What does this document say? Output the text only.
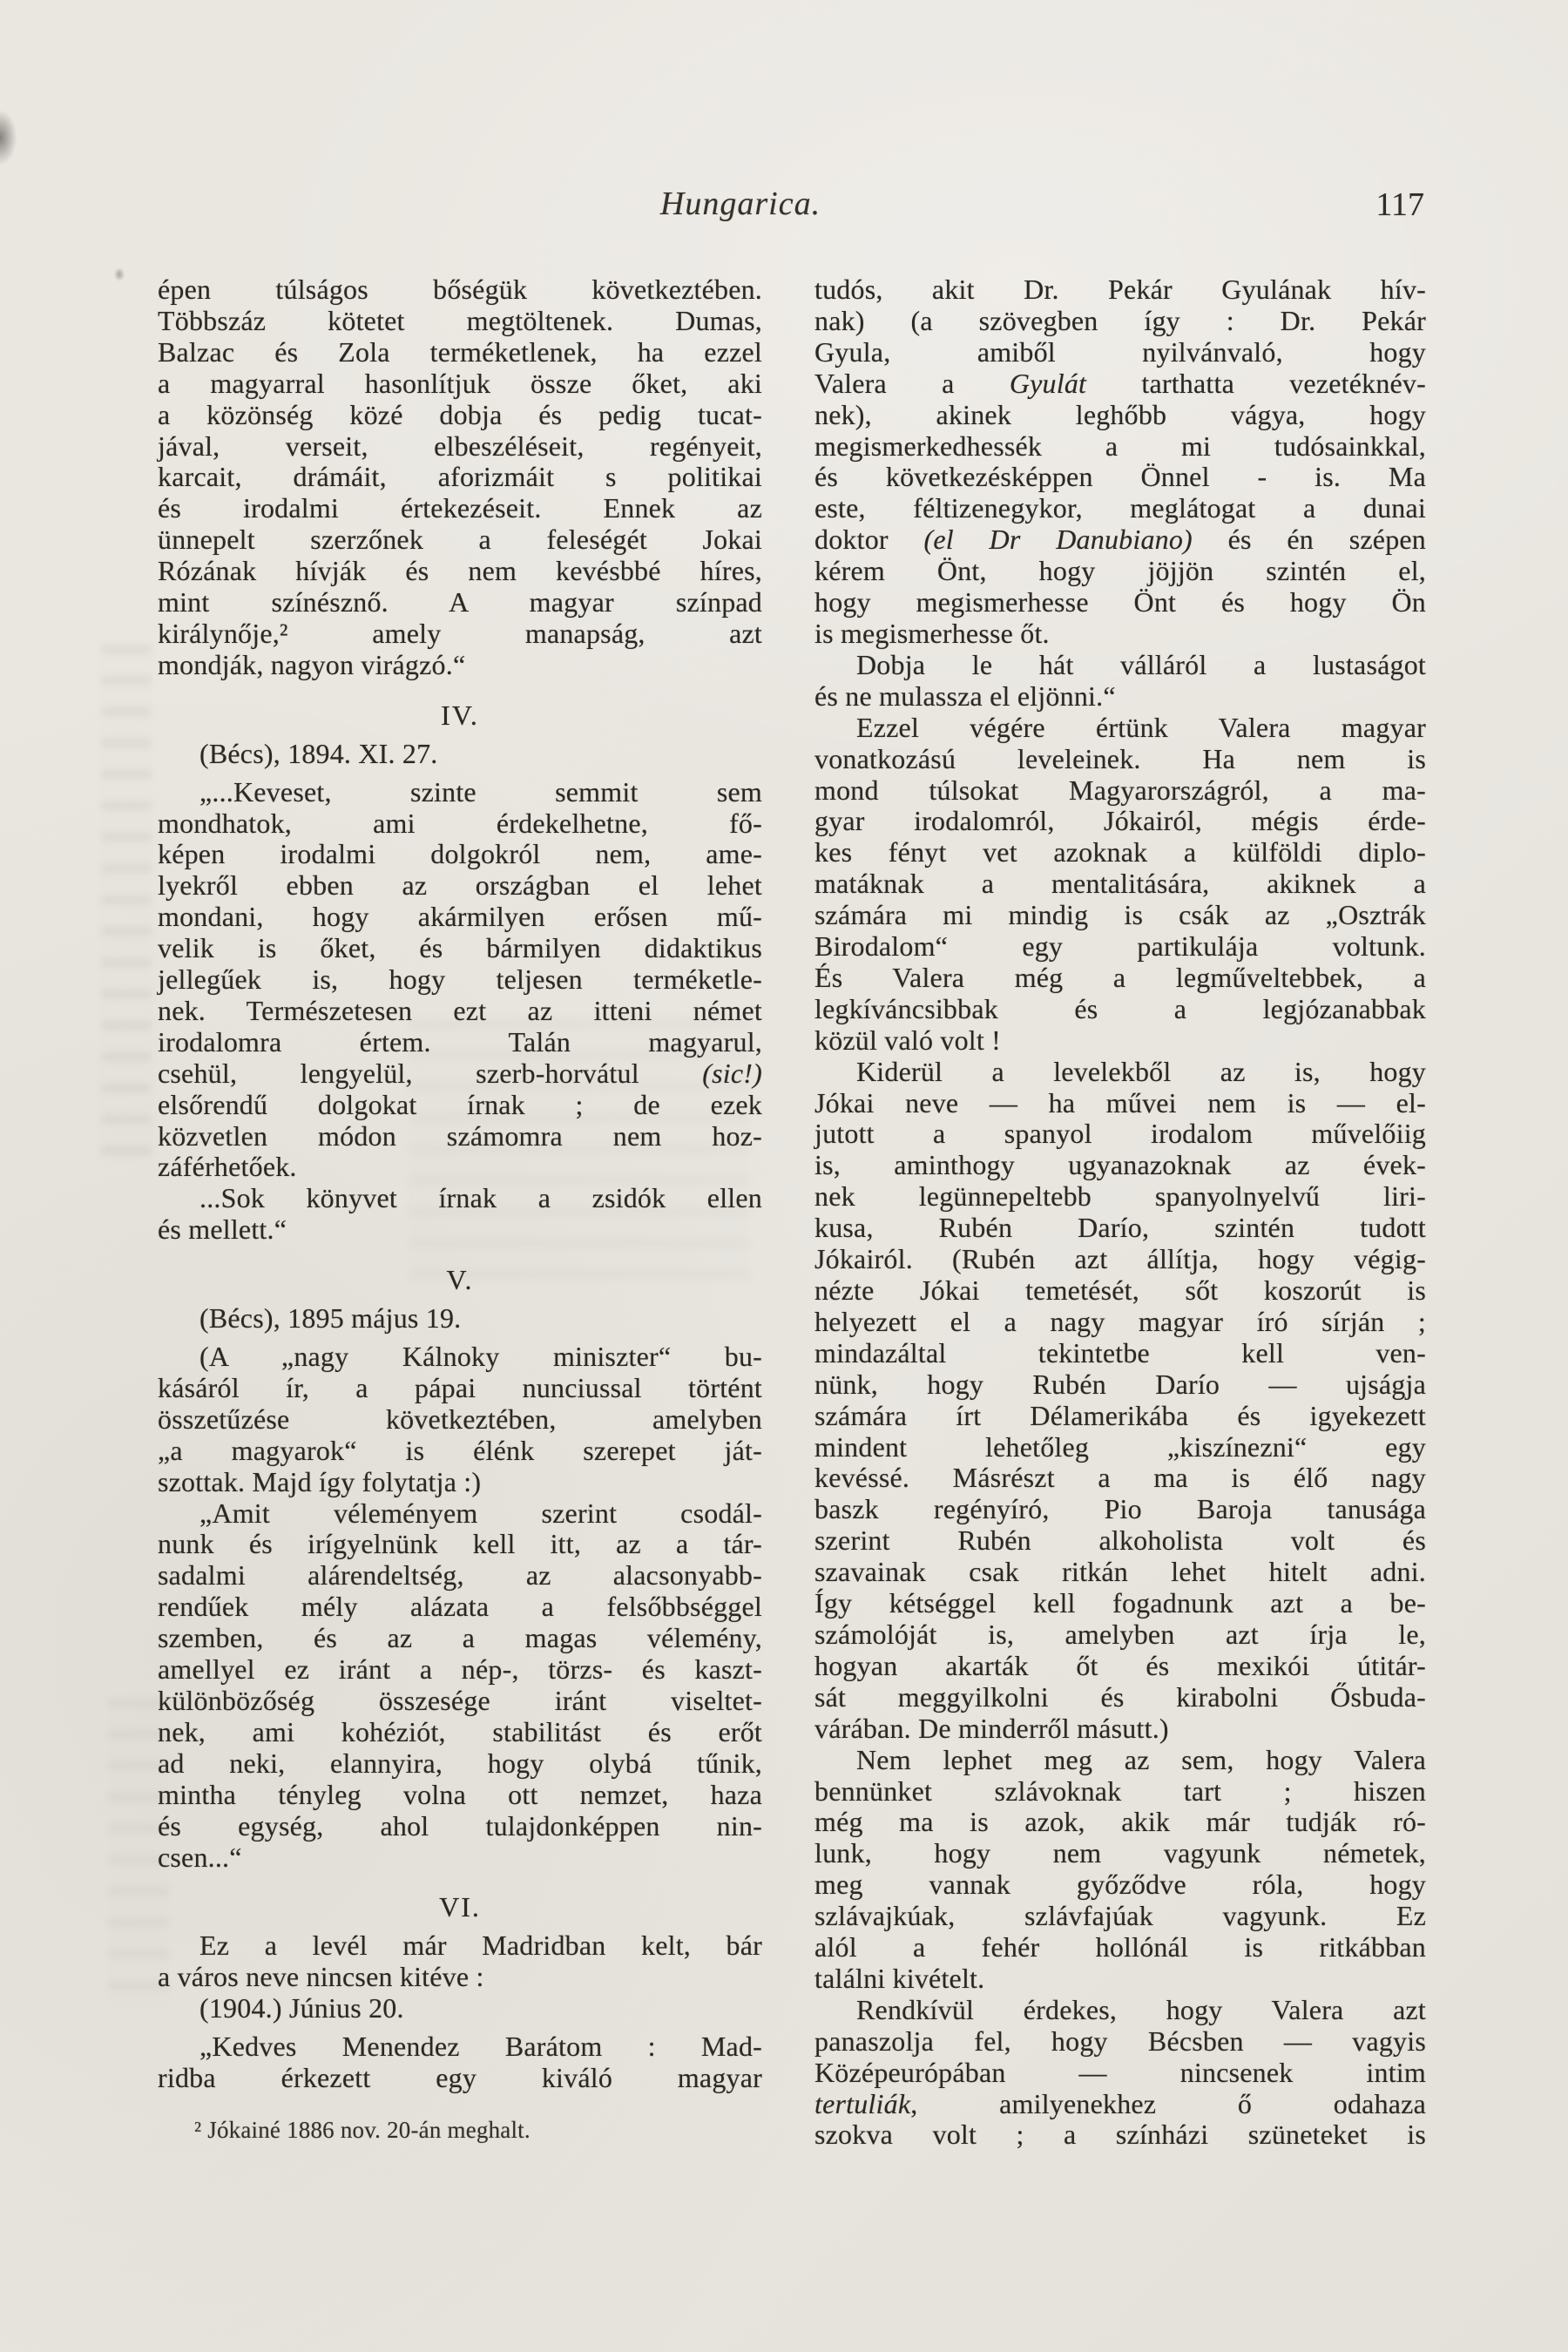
Hungarica.	117
épen túlságos bőségük következtében.
Többszáz kötetet megtöltenek. Dumas,
Balzac és Zola terméketlenek, ha ezzel
a magyarral hasonlítjuk össze őket, aki
a közönség közé dobja és pedig tucat-
jával, verseit, elbeszéléseit, regényeit,
karcait, drámáit, aforizmáit s politikai
és irodalmi értekezéseit. Ennek az
ünnepelt szerzőnek a feleségét Jokai
Rózának hívják és nem kevésbbé híres,
mint színésznő. A magyar színpad
királynője,² amely manapság, azt
mondják, nagyon virágzó.“
IV.
(Bécs), 1894. XI. 27.
„...Keveset, szinte semmit sem
mondhatok, ami érdekelhetne, fő-
képen irodalmi dolgokról nem, ame-
lyekről ebben az országban el lehet
mondani, hogy akármilyen erősen mű-
velik is őket, és bármilyen didaktikus
jellegűek is, hogy teljesen terméketle-
nek. Természetesen ezt az itteni német
irodalomra értem. Talán magyarul,
csehül, lengyelül, szerb-horvátul (sic!)
elsőrendű dolgokat írnak ; de ezek
közvetlen módon számomra nem hoz-
záférhetőek.
...Sok könyvet írnak a zsidók ellen
és mellett.“
V.
(Bécs), 1895 május 19.
(A „nagy Kálnoky miniszter“ bu-
kásáról ír, a pápai nunciussal történt
összetűzése következtében, amelyben
„a magyarok“ is élénk szerepet ját-
szottak. Majd így folytatja :)
„Amit véleményem szerint csodál-
nunk és irígyelnünk kell itt, az a tár-
sadalmi alárendeltség, az alacsonyabb-
rendűek mély alázata a felsőbbséggel
szemben, és az a magas vélemény,
amellyel ez iránt a nép-, törzs- és kaszt-
különbözőség összesége iránt viseltet-
nek, ami kohéziót, stabilitást és erőt
ad neki, elannyira, hogy olybá tűnik,
mintha tényleg volna ott nemzet, haza
és egység, ahol tulajdonképpen nin-
csen...“
VI.
Ez a levél már Madridban kelt, bár
a város neve nincsen kitéve :
(1904.) Június 20.
„Kedves Menendez Barátom : Mad-
ridba érkezett egy kiváló magyar
² Jókainé 1886 nov. 20-án meghalt.
tudós, akit Dr. Pekár Gyulának hív-
nak) (a szövegben így : Dr. Pekár
Gyula, amiből nyilvánvaló, hogy
Valera a Gyulát tarthatta vezetéknév-
nek), akinek leghőbb vágya, hogy
megismerkedhessék a mi tudósainkkal,
és következésképpen Önnel - is. Ma
este, féltizenegykor, meglátogat a dunai
doktor (el Dr Danubiano) és én szépen
kérem Önt, hogy jöjjön szintén el,
hogy megismerhesse Önt és hogy Ön
is megismerhesse őt.
Dobja le hát válláról a lustaságot
és ne mulassza el eljönni.“
Ezzel végére értünk Valera magyar
vonatkozású leveleinek. Ha nem is
mond túlsokat Magyarországról, a ma-
gyar irodalomról, Jókairól, mégis érde-
kes fényt vet azoknak a külföldi diplo-
matáknak a mentalitására, akiknek a
számára mi mindig is csák az „Osztrák
Birodalom“ egy partikulája voltunk.
És Valera még a legműveltebbek, a
legkíváncsibbak és a legjózanabbak
közül való volt !
Kiderül a levelekből az is, hogy
Jókai neve — ha művei nem is — el-
jutott a spanyol irodalom művelőiig
is, aminthogy ugyanazoknak az évek-
nek legünnepeltebb spanyolnyelvű liri-
kusa, Rubén Darío, szintén tudott
Jókairól. (Rubén azt állítja, hogy végig-
nézte Jókai temetését, sőt koszorút is
helyezett el a nagy magyar író sírján ;
mindazáltal tekintetbe kell ven-
nünk, hogy Rubén Darío — ujságja
számára írt Délamerikába és igyekezett
mindent lehetőleg „kiszínezni“ egy
kevéssé. Másrészt a ma is élő nagy
baszk regényíró, Pio Baroja tanusága
szerint Rubén alkoholista volt és
szavainak csak ritkán lehet hitelt adni.
Így kétséggel kell fogadnunk azt a be-
számolóját is, amelyben azt írja le,
hogyan akarták őt és mexikói útitár-
sát meggyilkolni és kirabolni Ősbuda-
várában. De minderről másutt.)
Nem lephet meg az sem, hogy Valera
bennünket szlávoknak tart ; hiszen
még ma is azok, akik már tudják ró-
lunk, hogy nem vagyunk németek,
meg vannak győződve róla, hogy
szlávajkúak, szlávfajúak vagyunk. Ez
alól a fehér hollónál is ritkábban
találni kivételt.
Rendkívül érdekes, hogy Valera azt
panaszolja fel, hogy Bécsben — vagyis
Középeurópában — nincsenek intim
tertuliák, amilyenekhez ő odahaza
szokva volt ; a színházi szüneteket is
